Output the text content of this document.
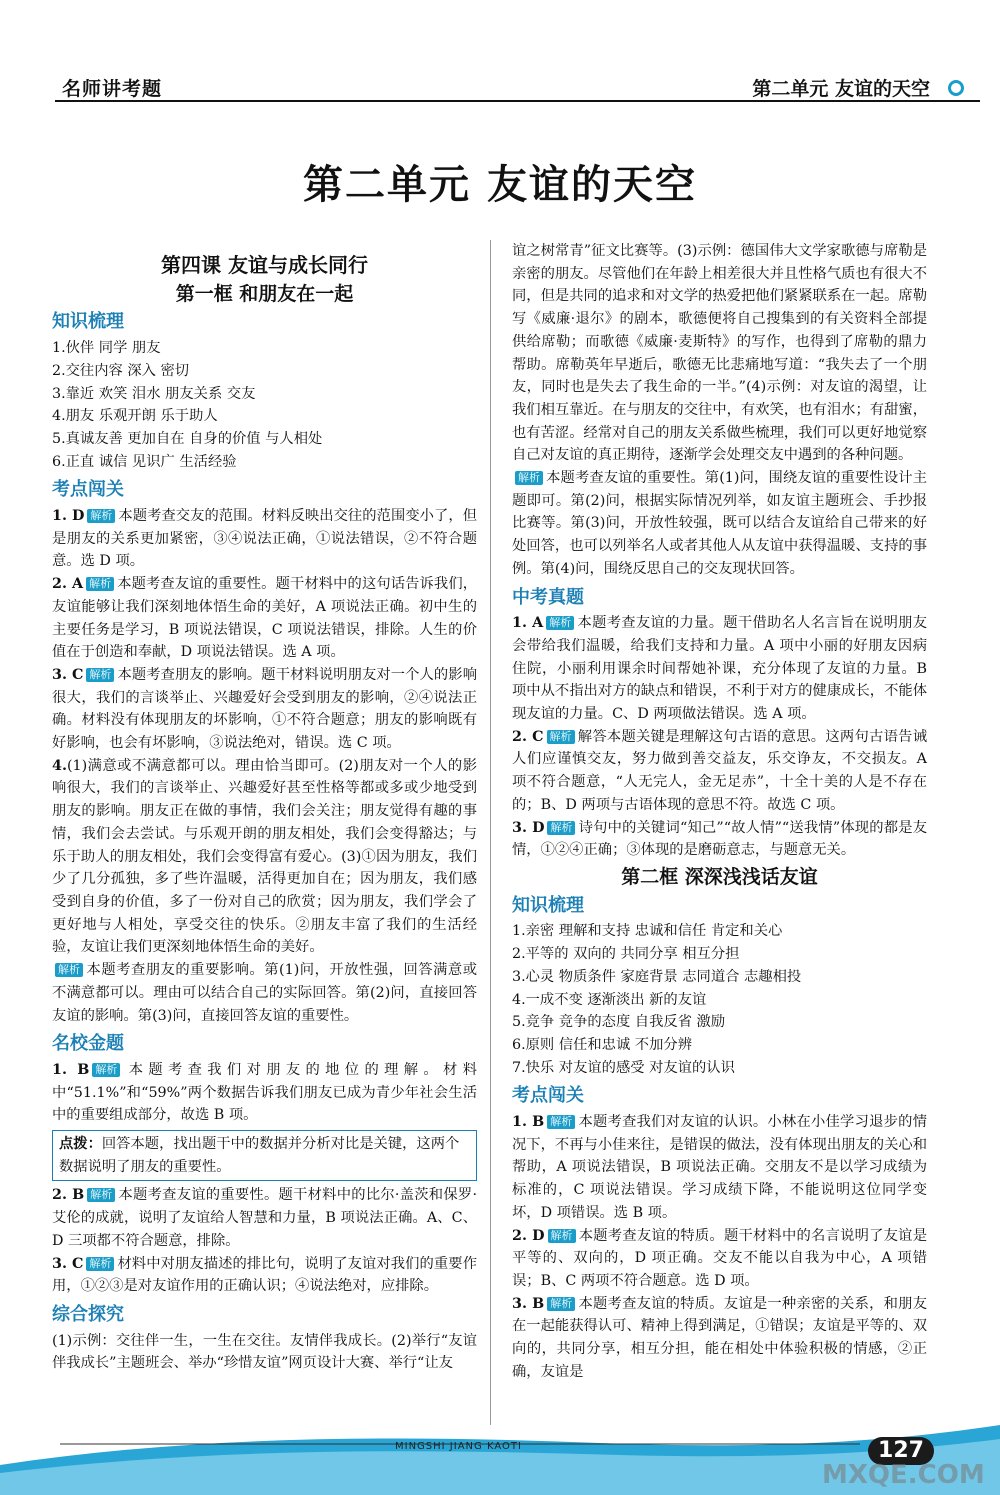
名师讲考题	第二单元 友谊的天空
第二单元 友谊的天空
第四课 友谊与成长同行
第一框 和朋友在一起
知识梳理
1.伙伴 同学 朋友
2.交往内容 深入 密切
3.靠近 欢笑 泪水 朋友关系 交友
4.朋友 乐观开朗 乐于助人
5.真诚友善 更加自在 自身的价值 与人相处
6.正直 诚信 见识广 生活经验
考点闯关

1. D 解析 本题考查交友的范围。材料反映出交往的范围变小了，但是朋友的关系更加紧密，③④说法正确，①说法错误，②不符合题意。选 D 项。

2. A 解析 本题考查友谊的重要性。题干材料中的这句话告诉我们，友谊能够让我们深刻地体悟生命的美好，A 项说法正确。初中生的主要任务是学习，B 项说法错误，C 项说法错误，排除。人生的价值在于创造和奉献，D 项说法错误。选 A 项。

3. C 解析 本题考查朋友的影响。题干材料说明朋友对一个人的影响很大，我们的言谈举止、兴趣爱好会受到朋友的影响，②④说法正确。材料没有体现朋友的坏影响，①不符合题意；朋友的影响既有好影响，也会有坏影响，③说法绝对，错误。选 C 项。

4.(1)满意或不满意都可以。理由恰当即可。(2)朋友对一个人的影响很大，我们的言谈举止、兴趣爱好甚至性格等都或多或少地受到朋友的影响。朋友正在做的事情，我们会关注；朋友觉得有趣的事情，我们会去尝试。与乐观开朗的朋友相处，我们会变得豁达；与乐于助人的朋友相处，我们会变得富有爱心。(3)①因为朋友，我们少了几分孤独，多了些许温暖，活得更加自在；因为朋友，我们感受到自身的价值，多了一份对自己的欣赏；因为朋友，我们学会了更好地与人相处，享受交往的快乐。②朋友丰富了我们的生活经验，友谊让我们更深刻地体悟生命的美好。

解析 本题考查朋友的重要影响。第(1)问，开放性强，回答满意或不满意都可以。理由可以结合自己的实际回答。第(2)问，直接回答友谊的影响。第(3)问，直接回答友谊的重要性。

名校金题

1. B 解析 本题考查我们对朋友的地位的理解。材料中“51.1%”和“59%”两个数据告诉我们朋友已成为青少年社会生活中的重要组成部分，故选 B 项。

点拨：回答本题，找出题干中的数据并分析对比是关键，这两个数据说明了朋友的重要性。

2. B 解析 本题考查友谊的重要性。题干材料中的比尔·盖茨和保罗·艾伦的成就，说明了友谊给人智慧和力量，B 项说法正确。A、C、D 三项都不符合题意，排除。

3. C 解析 材料中对朋友描述的排比句，说明了友谊对我们的重要作用，①②③是对友谊作用的正确认识；④说法绝对，应排除。

综合探究

(1)示例：交往伴一生，一生在交往。友情伴我成长。(2)举行“友谊伴我成长”主题班会、举办“珍惜友谊”网页设计大赛、举行“让友

谊之树常青”征文比赛等。(3)示例：德国伟大文学家歌德与席勒是亲密的朋友。尽管他们在年龄上相差很大并且性格气质也有很大不同，但是共同的追求和对文学的热爱把他们紧紧联系在一起。席勒写《威廉·退尔》的剧本，歌德便将自己搜集到的有关资料全部提供给席勒；而歌德《威廉·麦斯特》的写作，也得到了席勒的鼎力帮助。席勒英年早逝后，歌德无比悲痛地写道：“我失去了一个朋友，同时也是失去了我生命的一半。”(4)示例：对友谊的渴望，让我们相互靠近。在与朋友的交往中，有欢笑，也有泪水；有甜蜜，也有苦涩。经常对自己的朋友关系做些梳理，我们可以更好地觉察自己对友谊的真正期待，逐渐学会处理交友中遇到的各种问题。

解析 本题考查友谊的重要性。第(1)问，围绕友谊的重要性设计主题即可。第(2)问，根据实际情况列举，如友谊主题班会、手抄报比赛等。第(3)问，开放性较强，既可以结合友谊给自己带来的好处回答，也可以列举名人或者其他人从友谊中获得温暖、支持的事例。第(4)问，围绕反思自己的交友现状回答。

中考真题

1. A 解析 本题考查友谊的力量。题干借助名人名言旨在说明朋友会带给我们温暖，给我们支持和力量。A 项中小丽的好朋友因病住院，小丽利用课余时间帮她补课，充分体现了友谊的力量。B 项中从不指出对方的缺点和错误，不利于对方的健康成长，不能体现友谊的力量。C、D 两项做法错误。选 A 项。

2. C 解析 解答本题关键是理解这句古语的意思。这两句古语告诫人们应谨慎交友，努力做到善交益友，乐交诤友，不交损友。A 项不符合题意，“人无完人，金无足赤”，十全十美的人是不存在的；B、D 两项与古语体现的意思不符。故选 C 项。

3. D 解析 诗句中的关键词“知己”“故人情”“送我情”体现的都是友情，①②④正确；③体现的是磨砺意志，与题意无关。

第二框 深深浅浅话友谊
知识梳理
1.亲密 理解和支持 忠诚和信任 肯定和关心
2.平等的 双向的 共同分享 相互分担
3.心灵 物质条件 家庭背景 志同道合 志趣相投
4.一成不变 逐渐淡出 新的友谊
5.竞争 竞争的态度 自我反省 激励
6.原则 信任和忠诚 不加分辨
7.快乐 对友谊的感受 对友谊的认识
考点闯关

1. B 解析 本题考查我们对友谊的认识。小林在小佳学习退步的情况下，不再与小佳来往，是错误的做法，没有体现出朋友的关心和帮助，A 项说法错误，B 项说法正确。交朋友不是以学习成绩为标准的，C 项说法错误。学习成绩下降，不能说明这位同学变坏，D 项错误。选 B 项。

2. D 解析 本题考查友谊的特质。题干材料中的名言说明了友谊是平等的、双向的，D 项正确。交友不能以自我为中心，A 项错误；B、C 两项不符合题意。选 D 项。

3. B 解析 本题考查友谊的特质。友谊是一种亲密的关系，和朋友在一起能获得认可、精神上得到满足，①错误；友谊是平等的、双向的，共同分享，相互分担，能在相处中体验积极的情感，②正确，友谊是

MINGSHI JIANG KAOTI	127
MXQE.COM
